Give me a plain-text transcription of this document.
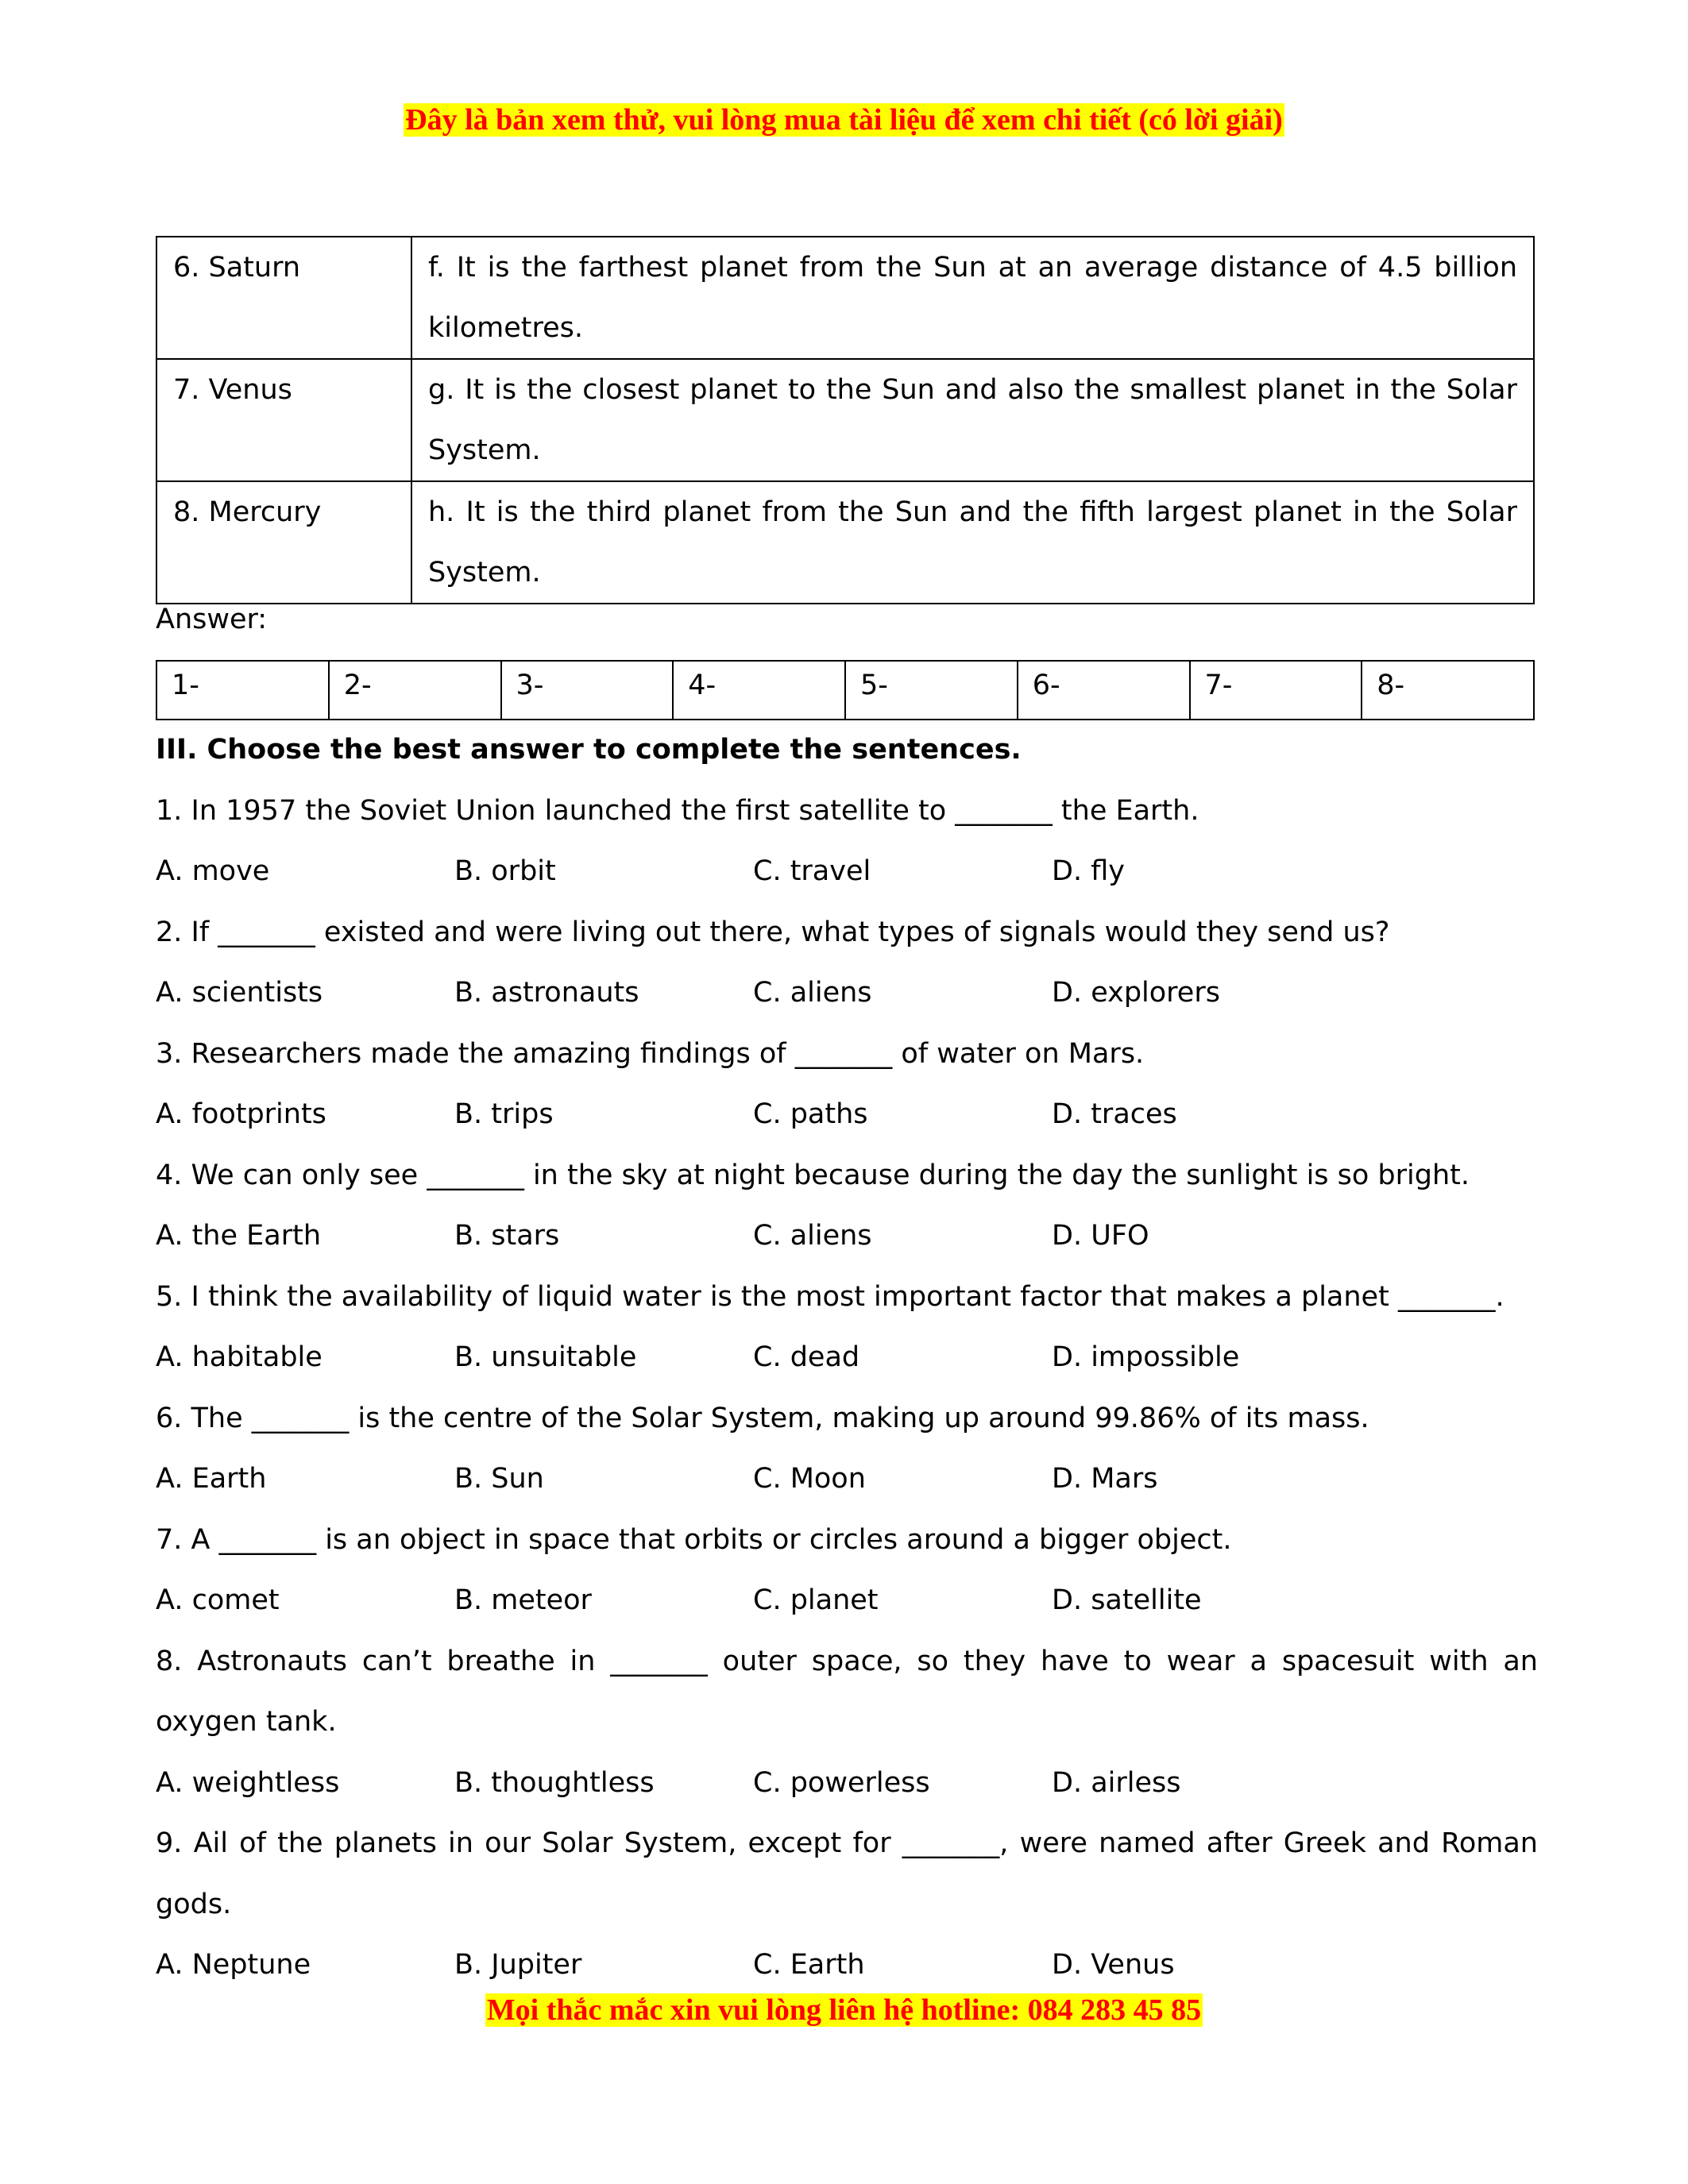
Đây là bản xem thử, vui lòng mua tài liệu để xem chi tiết (có lời giải)
6. Saturn	f. It is the farthest planet from the Sun at an average distance of 4.5 billion kilometres.
7. Venus	g. It is the closest planet to the Sun and also the smallest planet in the Solar System.
8. Mercury	h. It is the third planet from the Sun and the fifth largest planet in the Solar System.
Answer:
1-	2-	3-	4-	5-	6-	7-	8-
III. Choose the best answer to complete the sentences.
1. In 1957 the Soviet Union launched the first satellite to _______ the Earth.
A. move	B. orbit	C. travel	D. fly
2. If _______ existed and were living out there, what types of signals would they send us?
A. scientists	B. astronauts	C. aliens	D. explorers
3. Researchers made the amazing findings of _______ of water on Mars.
A. footprints	B. trips	C. paths	D. traces
4. We can only see _______ in the sky at night because during the day the sunlight is so bright.
A. the Earth	B. stars	C. aliens	D. UFO
5. I think the availability of liquid water is the most important factor that makes a planet _______.
A. habitable	B. unsuitable	C. dead	D. impossible
6. The _______ is the centre of the Solar System, making up around 99.86% of its mass.
A. Earth	B. Sun	C. Moon	D. Mars
7. A _______ is an object in space that orbits or circles around a bigger object.
A. comet	B. meteor	C. planet	D. satellite
8. Astronauts can’t breathe in _______ outer space, so they have to wear a spacesuit with an oxygen tank.
A. weightless	B. thoughtless	C. powerless	D. airless
9. Ail of the planets in our Solar System, except for _______, were named after Greek and Roman gods.
A. Neptune	B. Jupiter	C. Earth	D. Venus
Mọi thắc mắc xin vui lòng liên hệ hotline: 084 283 45 85
